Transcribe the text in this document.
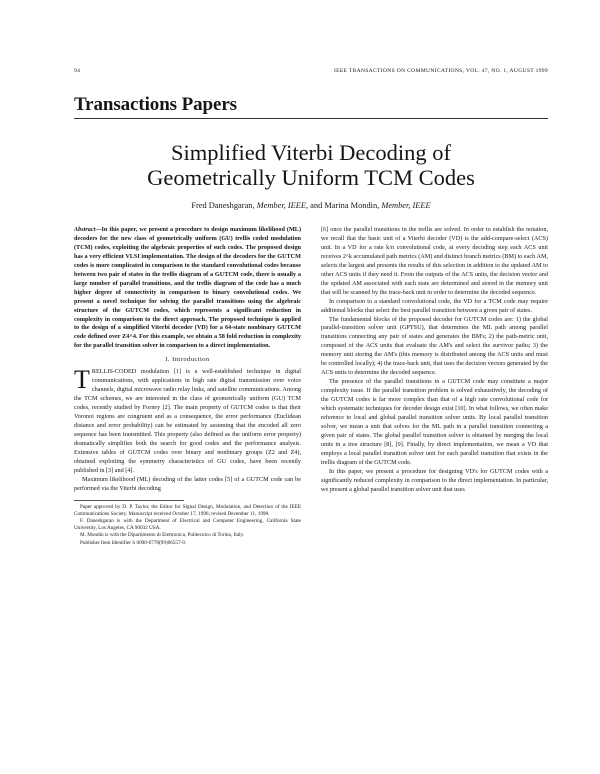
94	IEEE TRANSACTIONS ON COMMUNICATIONS, VOL. 47, NO. 1, AUGUST 1999
Transactions Papers
Simplified Viterbi Decoding of
Geometrically Uniform TCM Codes
Fred Daneshgaran, Member, IEEE, and Marina Mondin, Member, IEEE

Abstract—In this paper, we present a procedure to design maximum likelihood (ML) decoders for the new class of geometrically uniform (GU) trellis coded modulation (TCM) codes, exploiting the algebraic properties of such codes. The proposed design has a very efficient VLSI implementation. The design of the decoders for the GUTCM codes is more complicated in comparison to the standard convolutional codes because between two pair of states in the trellis diagram of a GUTCM code, there is usually a large number of parallel transitions, and the trellis diagram of the code has a much higher degree of connectivity in comparison to binary convolutional codes. We present a novel technique for solving the parallel transitions using the algebraic structure of the GUTCM codes, which represents a significant reduction in complexity in comparison to the direct approach. The proposed technique is applied to the design of a simplified Viterbi decoder (VD) for a 64-state nonbinary GUTCM code defined over Z4^4. For this example, we obtain a 58 fold reduction in complexity for the parallel transition solver in comparison to a direct implementation.

I. Introduction

TRELLIS-CODED modulation [1] is a well-established technique in digital communications, with applications in high rate digital transmission over voice channels, digital microwave radio relay links, and satellite communications. Among the TCM schemes, we are interested in the class of geometrically uniform (GU) TCM codes, recently studied by Forney [2]. The main property of GUTCM codes is that their Voronoi regions are congruent and as a consequence, the error performance (Euclidean distance and error probability) can be estimated by assuming that the encoded all zero sequence has been transmitted. This property (also defined as the uniform error property) dramatically simplifies both the search for good codes and the performance analysis. Extensive tables of GUTCM codes over binary and nonbinary groups (Z2 and Z4), obtained exploiting the symmetry characteristics of GU codes, have been recently published in [3] and [4].

Maximum likelihood (ML) decoding of the latter codes [5] of a GUTCM code can be performed via the Viterbi decoding

Paper approved by D. P. Taylor, the Editor for Signal Design, Modulation, and Detection of the IEEE Communications Society. Manuscript received October 17, 1996; revised December 11, 1998.

F. Daneshgaran is with the Department of Electrical and Computer Engineering, California State University, Los Angeles, CA 90032 USA.

M. Mondin is with the Dipartimento di Elettronica, Politecnico di Torino, Italy.

Publisher Item Identifier S 0090-6778(99)06557-9.

[6] once the parallel transitions in the trellis are solved. In order to establish the notation, we recall that the basic unit of a Viterbi decoder (VD) is the add-compare-select (ACS) unit. In a VD for a rate k/n convolutional code, at every decoding step each ACS unit receives 2^k accumulated path metrics (AM) and distinct branch metrics (BM) to each AM, selects the largest and presents the results of this selection in addition to the updated AM to other ACS units if they need it. From the outputs of the ACS units, the decision vector and the updated AM associated with each state are determined and stored in the memory unit that will be scanned by the trace-back unit in order to determine the decoded sequence.

In comparison to a standard convolutional code, the VD for a TCM code may require additional blocks that select the best parallel transition between a given pair of states.

The fundamental blocks of the proposed decoder for GUTCM codes are: 1) the global parallel-transition solver unit (GPTSU), that determines the ML path among parallel transitions connecting any pair of states and generates the BM's; 2) the path-metric unit, composed of the ACS units that evaluate the AM's and select the survivor paths; 3) the memory unit storing the AM's (this memory is distributed among the ACS units and must be controlled locally); 4) the trace-back unit, that uses the decision vectors generated by the ACS units to determine the decoded sequence.

The presence of the parallel transitions in a GUTCM code may constitute a major complexity issue. If the parallel transition problem is solved exhaustively, the decoding of the GUTCM codes is far more complex than that of a high rate convolutional code for which systematic techniques for decoder design exist [10]. In what follows, we often make reference to local and global parallel transition solver units. By local parallel transition solver, we mean a unit that solves for the ML path in a parallel transition connecting a given pair of states. The global parallel transition solver is obtained by merging the local units in a tree structure [8], [9]. Finally, by direct implementation, we mean a VD that employs a local parallel transition solver unit for each parallel transition that exists in the trellis diagram of the GUTCM code.

In this paper, we present a procedure for designing VD's for GUTCM codes with a significantly reduced complexity in comparison to the direct implementation. In particular, we present a global parallel transition solver unit that uses
